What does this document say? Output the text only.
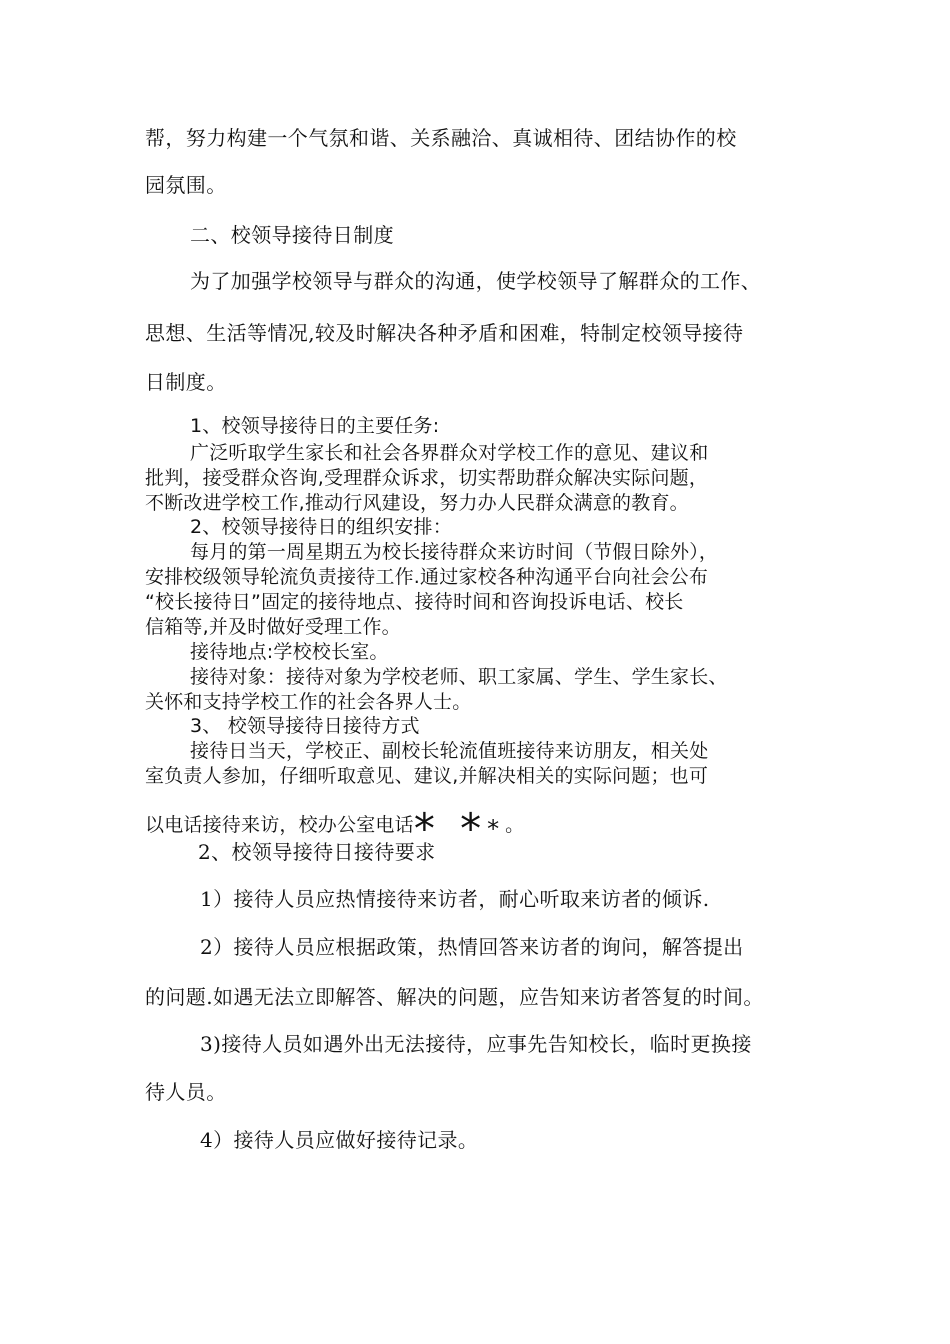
帮，努力构建一个气氛和谐、关系融洽、真诚相待、团结协作的校
园氛围。
二、校领导接待日制度
为了加强学校领导与群众的沟通，使学校领导了解群众的工作、
思想、生活等情况,较及时解决各种矛盾和困难，特制定校领导接待
日制度。
1、校领导接待日的主要任务:
广泛听取学生家长和社会各界群众对学校工作的意见、建议和
批判，接受群众咨询,受理群众诉求，切实帮助群众解决实际问题，
不断改进学校工作,推动行风建设，努力办人民群众满意的教育。
2、校领导接待日的组织安排：
每月的第一周星期五为校长接待群众来访时间（节假日除外），
安排校级领导轮流负责接待工作.通过家校各种沟通平台向社会公布
“校长接待日”固定的接待地点、接待时间和咨询投诉电话、校长
信箱等,并及时做好受理工作。
接待地点:学校校长室。
接待对象：接待对象为学校老师、职工家属、学生、学生家长、
关怀和支持学校工作的社会各界人士。
3、 校领导接待日接待方式
接待日当天，学校正、副校长轮流值班接待来访朋友，相关处
室负责人参加，仔细听取意见、建议,并解决相关的实际问题；也可
以电话接待来访，校办公室电话* **。
2、校领导接待日接待要求
1）接待人员应热情接待来访者，耐心听取来访者的倾诉.
2）接待人员应根据政策，热情回答来访者的询问，解答提出
的问题.如遇无法立即解答、解决的问题，应告知来访者答复的时间。
3)接待人员如遇外出无法接待，应事先告知校长，临时更换接
待人员。
4）接待人员应做好接待记录。
